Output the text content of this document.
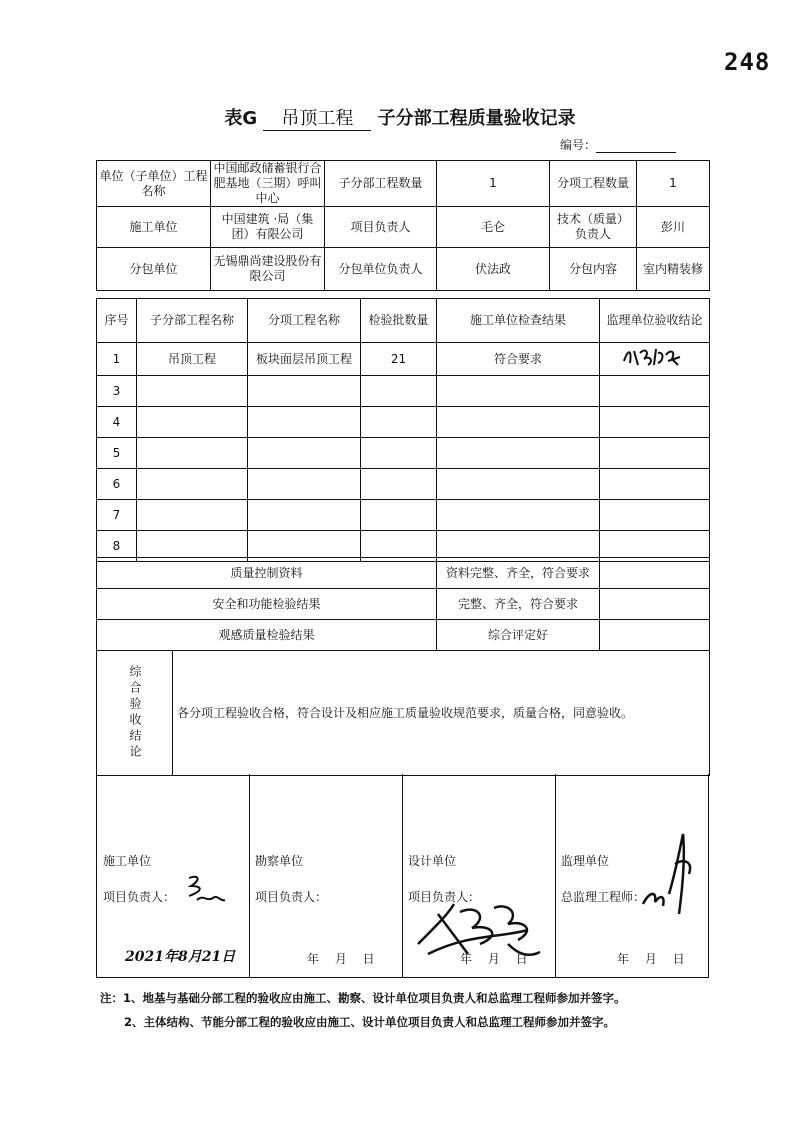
248
表G 吊顶工程 子分部工程质量验收记录
编号：
单位（子单位）工程名称	中国邮政储蓄银行合肥基地（三期）呼叫中心	子分部工程数量	1	分项工程数量	1
施工单位	中国建筑 ·局（集团）有限公司	项目负责人	毛仑	技术（质量）负责人	彭川
分包单位	无锡鼎尚建设股份有限公司	分包单位负责人	伏法政	分包内容	室内精装修
序号	子分部工程名称	分项工程名称	检验批数量	施工单位检查结果	监理单位验收结论
1	吊顶工程	板块面层吊顶工程	21	符合要求	
3					
4					
5					
6					
7					
8					
质量控制资料	资料完整、齐全，符合要求	
安全和功能检验结果	完整、齐全，符合要求	
观感质量检验结果	综合评定好	
综合验收结论	各分项工程验收合格，符合设计及相应施工质量验收规范要求，质量合格，同意验收。
施工单位
项目负责人：
2021年8月21日
勘察单位
项目负责人：
年 月 日
设计单位
项目负责人：
年 月 日
监理单位
总监理工程师：
年 月 日

注：1、地基与基础分部工程的验收应由施工、勘察、设计单位项目负责人和总监理工程师参加并签字。

2、主体结构、节能分部工程的验收应由施工、设计单位项目负责人和总监理工程师参加并签字。
